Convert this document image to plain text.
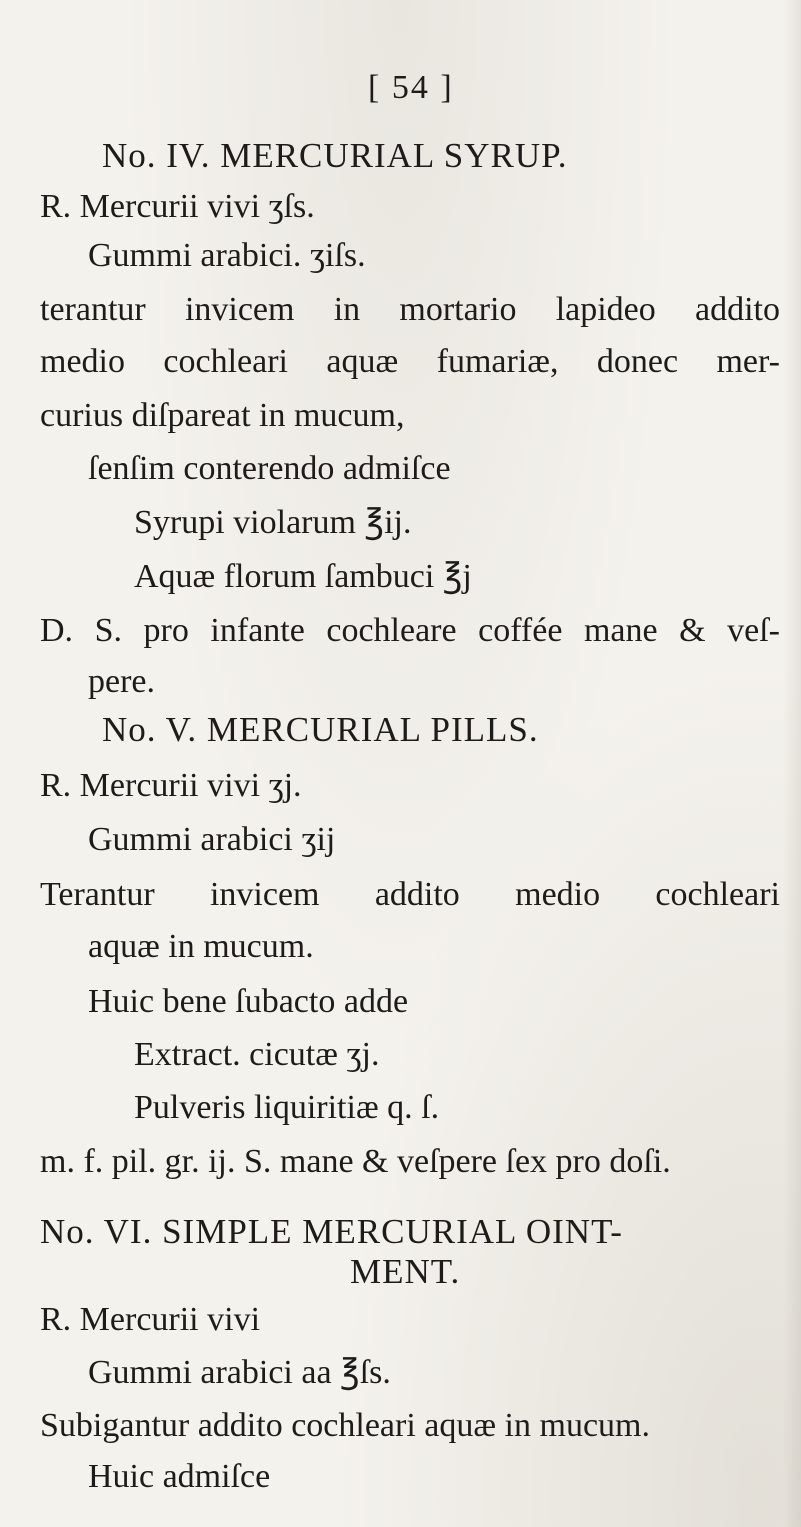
[ 54 ]
No. IV. MERCURIAL SYRUP.
R. Mercurii vivi ʒſs.
Gummi arabici. ʒiſs.
terantur invicem in mortario lapideo addito
medio cochleari aquæ fumariæ, donec mer-
curius diſpareat in mucum,
ſenſim conterendo admiſce
Syrupi violarum ℥ij.
Aquæ florum ſambuci ℥j
D. S. pro infante cochleare coffée mane & veſ-
pere.
No. V. MERCURIAL PILLS.
R. Mercurii vivi ʒj.
Gummi arabici ʒij
Terantur invicem addito medio cochleari
aquæ in mucum.
Huic bene ſubacto adde
Extract. cicutæ ʒj.
Pulveris liquiritiæ q. ſ.
m. f. pil. gr. ij. S. mane & veſpere ſex pro doſi.
No. VI. SIMPLE MERCURIAL OINT-
MENT.
R. Mercurii vivi
Gummi arabici aa ℥ſs.
Subigantur addito cochleari aquæ in mucum.
Huic admiſce
